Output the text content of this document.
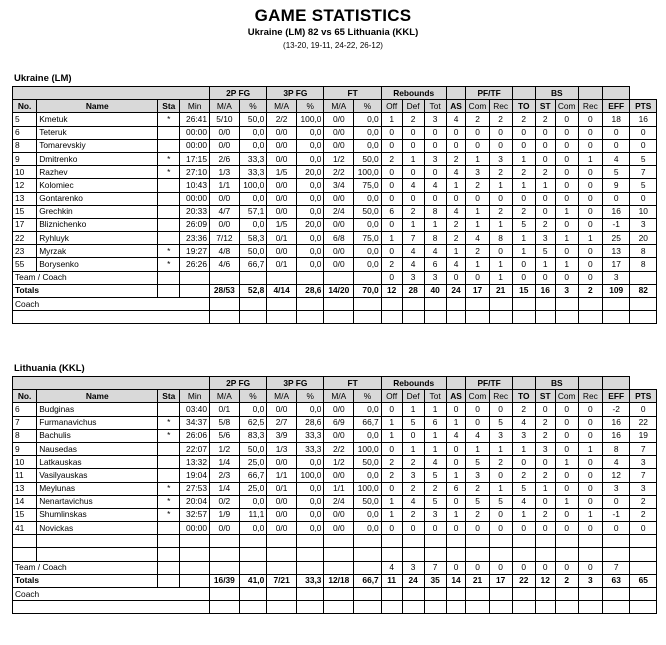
GAME STATISTICS
Ukraine (LM) 82 vs 65 Lithuania (KKL)
(13-20, 19-11, 24-22, 26-12)
Ukraine (LM)
				2P FG		3P FG		FT		Rebounds				PF/TF			BS				
No.	Name	Sta	Min	M/A	%	M/A	%	M/A	%	Off	Def	Tot	AS	Com	Rec	TO	ST	Com	Rec	EFF	PTS
5	Kmetuk	*	26:41	5/10	50,0	2/2	100,0	0/0	0,0	1	2	3	4	2	2	2	2	0	0	18	16
6	Teteruk		00:00	0/0	0,0	0/0	0,0	0/0	0,0	0	0	0	0	0	0	0	0	0	0	0	0
8	Tomarevskiy		00:00	0/0	0,0	0/0	0,0	0/0	0,0	0	0	0	0	0	0	0	0	0	0	0	0
9	Dmitrenko	*	17:15	2/6	33,3	0/0	0,0	1/2	50,0	2	1	3	2	1	3	1	0	0	1	4	5
10	Razhev	*	27:10	1/3	33,3	1/5	20,0	2/2	100,0	0	0	0	4	3	2	2	2	0	0	5	7
12	Kolomiec		10:43	1/1	100,0	0/0	0,0	3/4	75,0	0	4	4	1	2	1	1	1	0	0	9	5
13	Gontarenko		00:00	0/0	0,0	0/0	0,0	0/0	0,0	0	0	0	0	0	0	0	0	0	0	0	0
15	Grechkin		20:33	4/7	57,1	0/0	0,0	2/4	50,0	6	2	8	4	1	2	2	0	1	0	16	10
17	Bliznichenko		26:09	0/0	0,0	1/5	20,0	0/0	0,0	0	1	1	2	1	1	5	2	0	0	-1	3
22	Ryhluyk		23:36	7/12	58,3	0/1	0,0	6/8	75,0	1	7	8	2	4	8	1	3	1	1	25	20
23	Myrzak	*	19:27	4/8	50,0	0/0	0,0	0/0	0,0	0	4	4	1	2	0	1	5	0	0	13	8
55	Borysenko	*	26:26	4/6	66,7	0/1	0,0	0/0	0,0	2	4	6	4	1	1	0	1	1	0	17	8
Team / Coach										0	3	3	0	0	1	0	0	0	0	3	
Totals				28/53	52,8	4/14	28,6	14/20	70,0	12	28	40	24	17	21	15	16	3	2	109	82
Coach																					

Lithuania (KKL)
				2P FG		3P FG		FT		Rebounds				PF/TF			BS				
No.	Name	Sta	Min	M/A	%	M/A	%	M/A	%	Off	Def	Tot	AS	Com	Rec	TO	ST	Com	Rec	EFF	PTS
6	Budginas		03:40	0/1	0,0	0/0	0,0	0/0	0,0	0	1	1	0	0	0	2	0	0	0	-2	0
7	Furmanavichus	*	34:37	5/8	62,5	2/7	28,6	6/9	66,7	1	5	6	1	0	5	4	2	0	0	16	22
8	Bachulis	*	26:06	5/6	83,3	3/9	33,3	0/0	0,0	1	0	1	4	4	3	3	2	0	0	16	19
9	Nausedas		22:07	1/2	50,0	1/3	33,3	2/2	100,0	0	1	1	0	1	1	1	3	0	1	8	7
10	Latkauskas		13:32	1/4	25,0	0/0	0,0	1/2	50,0	2	2	4	0	5	2	0	0	1	0	4	3
11	Vasilyauskas		19:04	2/3	66,7	1/1	100,0	0/0	0,0	2	3	5	1	3	0	2	2	0	0	12	7
13	Meylunas	*	27:53	1/4	25,0	0/1	0,0	1/1	100,0	0	2	2	6	2	1	5	1	0	0	3	3
14	Nenartavichus	*	20:04	0/2	0,0	0/0	0,0	2/4	50,0	1	4	5	0	5	5	4	0	1	0	0	2
15	Shumlinskas	*	32:57	1/9	11,1	0/0	0,0	0/0	0,0	1	2	3	1	2	0	1	2	0	1	-1	2
41	Novickas		00:00	0/0	0,0	0/0	0,0	0/0	0,0	0	0	0	0	0	0	0	0	0	0	0	0

Team / Coach										4	3	7	0	0	0	0	0	0	0	7	
Totals				16/39	41,0	7/21	33,3	12/18	66,7	11	24	35	14	21	17	22	12	2	3	63	65
Coach																					
